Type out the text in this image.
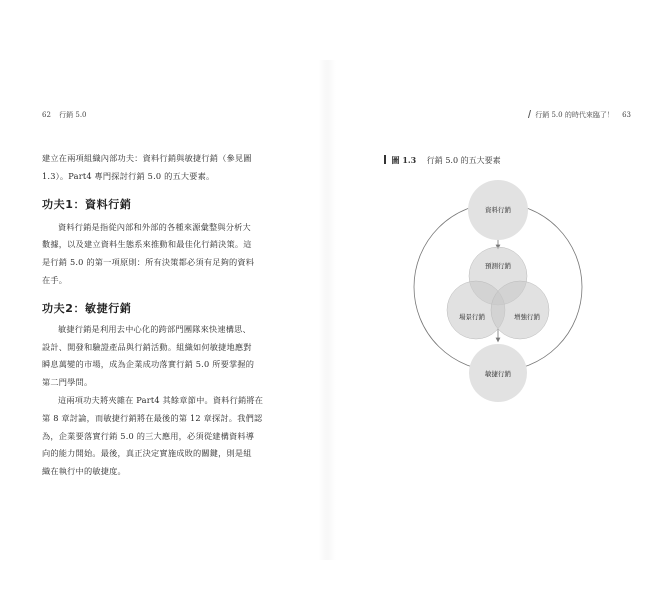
62 行銷 5.0

建立在兩項組織內部功夫：資料行銷與敏捷行銷（參見圖

1.3）。Part4 專門探討行銷 5.0 的五大要素。

功夫1：資料行銷

資料行銷是指從內部和外部的各種來源彙整與分析大

數據，以及建立資料生態系來推動和最佳化行銷決策。這

是行銷 5.0 的第一項原則：所有決策都必須有足夠的資料

在手。

功夫2：敏捷行銷

敏捷行銷是利用去中心化的跨部門團隊來快速構思、

設計、開發和驗證產品與行銷活動。組織如何敏捷地應對

瞬息萬變的市場，成為企業成功落實行銷 5.0 所要掌握的

第二門學問。

這兩項功夫將夾雜在 Part4 其餘章節中。資料行銷將在

第 8 章討論，而敏捷行銷將在最後的第 12 章探討。我們認

為，企業要落實行銷 5.0 的三大應用，必須從建構資料導

向的能力開始。最後，真正決定實施成敗的關鍵，則是組

織在執行中的敏捷度。

行銷 5.0 的時代來臨了！ 63
圖 1.3 行銷 5.0 的五大要素
資料行銷
預測行銷
場景行銷	增強行銷
敏捷行銷
